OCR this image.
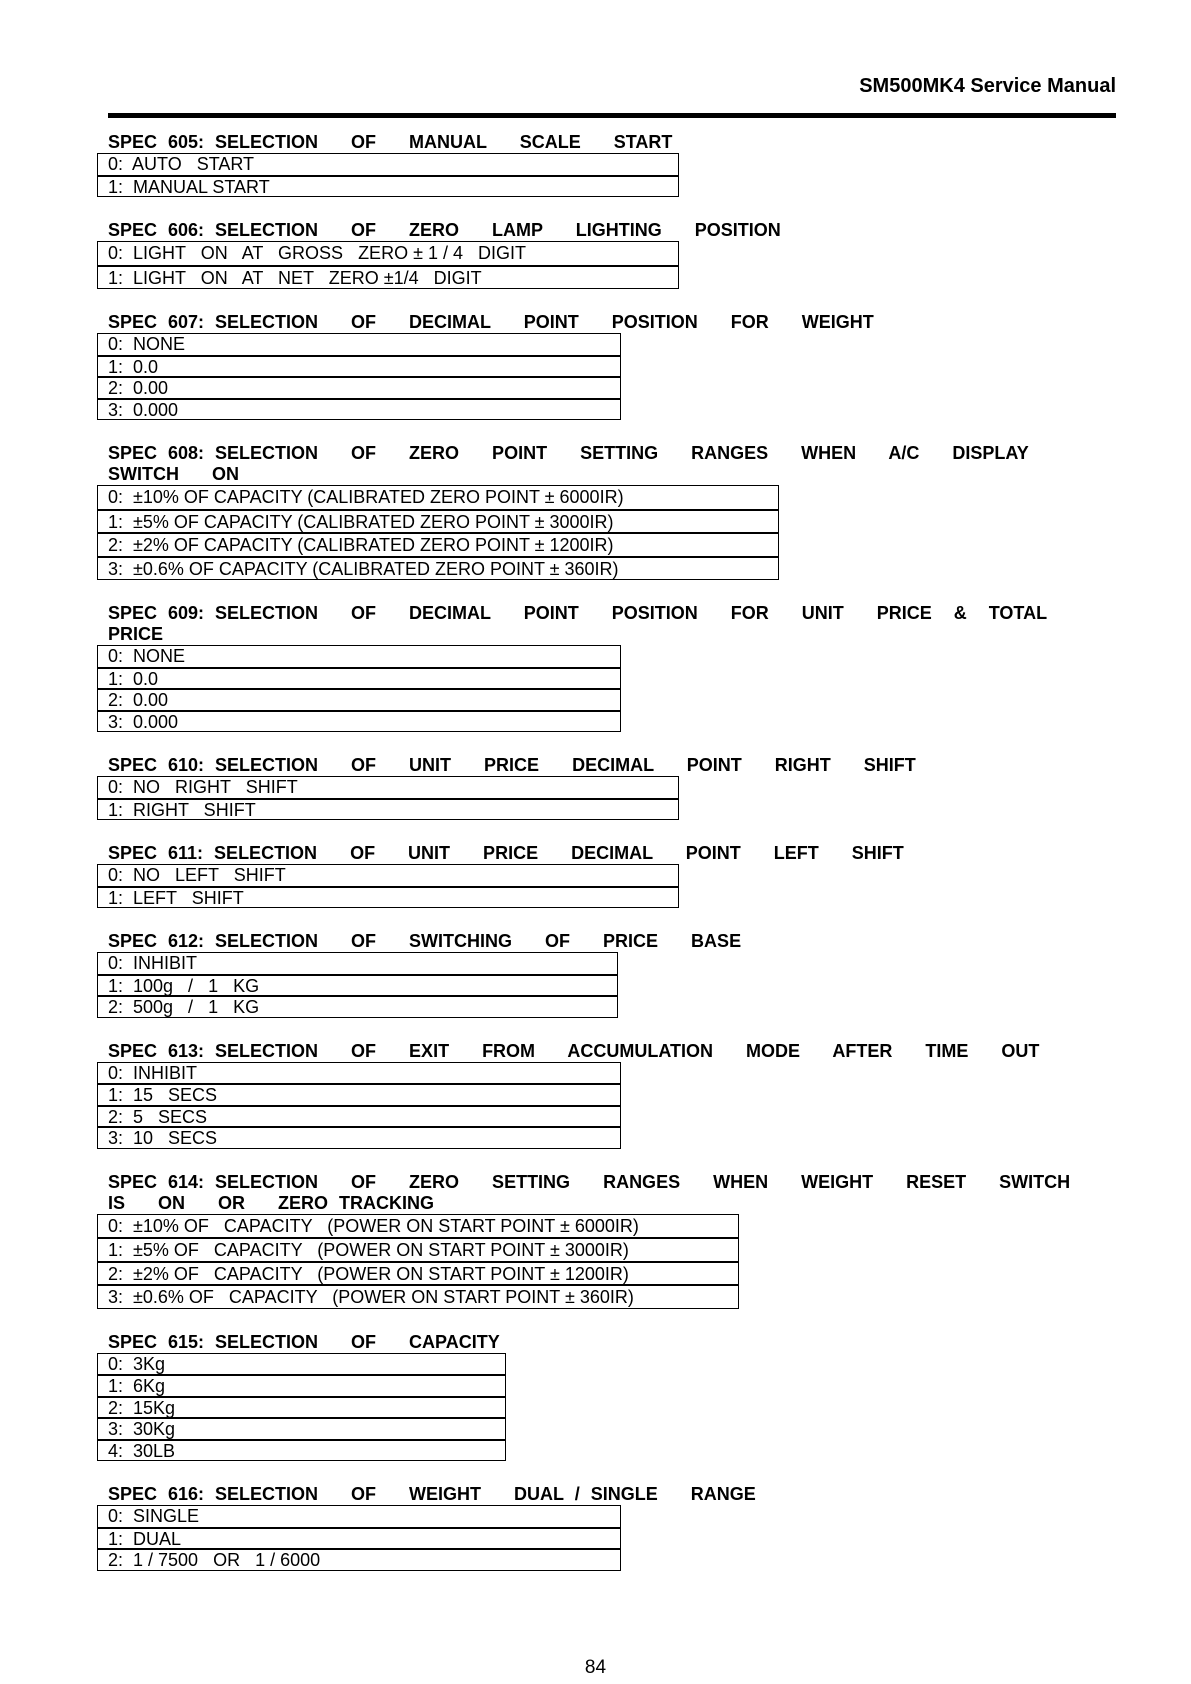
SM500MK4 Service Manual
SPEC 605: SELECTION   OF   MANUAL   SCALE   START
0:  AUTO   START
1:  MANUAL START
SPEC 606: SELECTION   OF   ZERO   LAMP   LIGHTING   POSITION
0:  LIGHT   ON   AT   GROSS   ZERO ± 1 / 4   DIGIT
1:  LIGHT   ON   AT   NET   ZERO ±1/4   DIGIT
SPEC 607: SELECTION   OF   DECIMAL   POINT   POSITION   FOR   WEIGHT
0:  NONE
1:  0.0
2:  0.00
3:  0.000
SPEC 608: SELECTION   OF   ZERO   POINT   SETTING   RANGES   WHEN   A/C   DISPLAY   SWITCH   ON
0:  ±10% OF CAPACITY (CALIBRATED ZERO POINT ± 6000IR)
1:  ±5% OF CAPACITY (CALIBRATED ZERO POINT ± 3000IR)
2:  ±2% OF CAPACITY (CALIBRATED ZERO POINT ± 1200IR)
3:  ±0.6% OF CAPACITY (CALIBRATED ZERO POINT ± 360IR)
SPEC 609: SELECTION   OF   DECIMAL   POINT   POSITION   FOR   UNIT   PRICE  &  TOTAL   PRICE
0:  NONE
1:  0.0
2:  0.00
3:  0.000
SPEC 610: SELECTION   OF   UNIT   PRICE   DECIMAL   POINT   RIGHT   SHIFT
0:  NO   RIGHT   SHIFT
1:  RIGHT   SHIFT
SPEC 611: SELECTION   OF   UNIT   PRICE   DECIMAL   POINT   LEFT   SHIFT
0:  NO   LEFT   SHIFT
1:  LEFT   SHIFT
SPEC 612: SELECTION   OF   SWITCHING   OF   PRICE   BASE
0:  INHIBIT
1:  100g   /   1   KG
2:  500g   /   1   KG
SPEC 613: SELECTION   OF   EXIT   FROM   ACCUMULATION   MODE   AFTER   TIME   OUT
0:  INHIBIT
1:  15   SECS
2:  5   SECS
3:  10   SECS
SPEC 614: SELECTION   OF   ZERO   SETTING   RANGES   WHEN   WEIGHT   RESET   SWITCH   IS   ON   OR   ZERO TRACKING
0:  ±10% OF   CAPACITY   (POWER ON START POINT ± 6000IR)
1:  ±5% OF   CAPACITY   (POWER ON START POINT ± 3000IR)
2:  ±2% OF   CAPACITY   (POWER ON START POINT ± 1200IR)
3:  ±0.6% OF   CAPACITY   (POWER ON START POINT ± 360IR)
SPEC 615: SELECTION   OF   CAPACITY
0:  3Kg
1:  6Kg
2:  15Kg
3:  30Kg
4:  30LB
SPEC 616: SELECTION   OF   WEIGHT   DUAL / SINGLE   RANGE
0:  SINGLE
1:  DUAL
2:  1 / 7500   OR   1 / 6000
84
